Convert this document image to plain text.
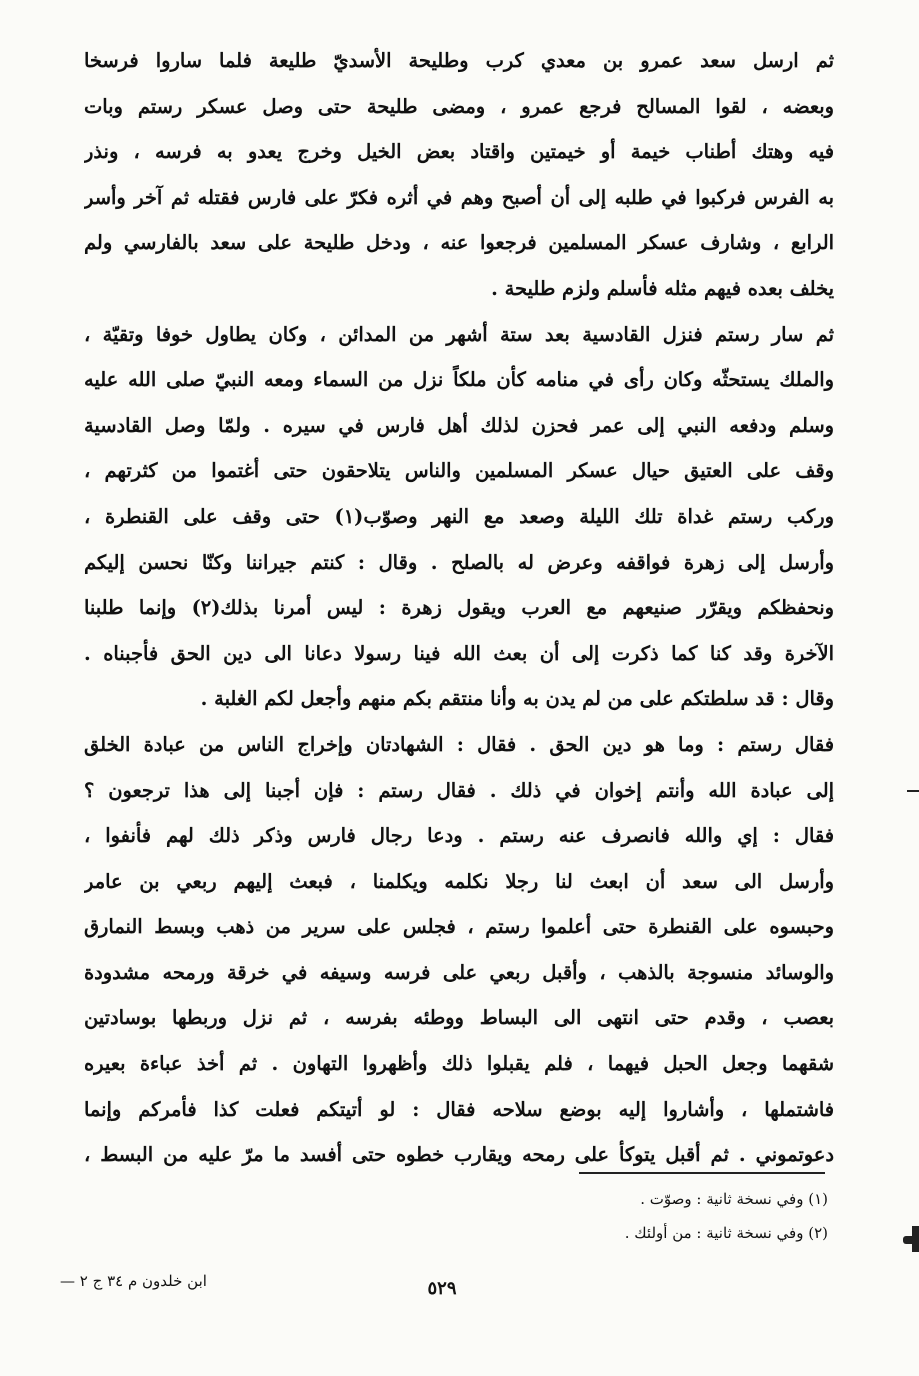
ثم ارسل سعد عمرو بن معدي كرب وطليحة الأسديّ طليعة فلما ساروا فرسخا
وبعضه ، لقوا المسالح فرجع عمرو ، ومضى طليحة حتى وصل عسكر رستم وبات
فيه وهتك أطناب خيمة أو خيمتين واقتاد بعض الخيل وخرج يعدو به فرسه ، ونذر
به الفرس فركبوا في طلبه إلى أن أصبح وهم في أثره فكرّ على فارس فقتله ثم آخر وأسر
الرابع ، وشارف عسكر المسلمين فرجعوا عنه ، ودخل طليحة على سعد بالفارسي ولم
يخلف بعده فيهم مثله فأسلم ولزم طليحة .
ثم سار رستم فنزل القادسية بعد ستة أشهر من المدائن ، وكان يطاول خوفا وتقيّة ،
والملك يستحثّه وكان رأى في منامه كأن ملكاً نزل من السماء ومعه النبيّ صلى الله عليه
وسلم ودفعه النبي إلى عمر فحزن لذلك أهل فارس في سيره . ولمّا وصل القادسية
وقف على العتيق حيال عسكر المسلمين والناس يتلاحقون حتى أغتموا من كثرتهم ،
وركب رستم غداة تلك الليلة وصعد مع النهر وصوّب(١) حتى وقف على القنطرة ،
وأرسل إلى زهرة فواقفه وعرض له بالصلح . وقال : كنتم جيراننا وكنّا نحسن إليكم
ونحفظكم ويقرّر صنيعهم مع العرب ويقول زهرة : ليس أمرنا بذلك(٢) وإنما طلبنا
الآخرة وقد كنا كما ذكرت إلى أن بعث الله فينا رسولا دعانا الى دين الحق فأجبناه .
وقال : قد سلطتكم على من لم يدن به وأنا منتقم بكم منهم وأجعل لكم الغلبة .
فقال رستم : وما هو دين الحق . فقال : الشهادتان وإخراج الناس من عبادة الخلق
إلى عبادة الله وأنتم إخوان في ذلك . فقال رستم : فإن أجبنا إلى هذا ترجعون ؟
فقال : إي والله فانصرف عنه رستم . ودعا رجال فارس وذكر ذلك لهم فأنفوا ،
وأرسل الى سعد أن ابعث لنا رجلا نكلمه ويكلمنا ، فبعث إليهم ربعي بن عامر
وحبسوه على القنطرة حتى أعلموا رستم ، فجلس على سرير من ذهب وبسط النمارق
والوسائد منسوجة بالذهب ، وأقبل ربعي على فرسه وسيفه في خرقة ورمحه مشدودة
بعصب ، وقدم حتى انتهى الى البساط ووطئه بفرسه ، ثم نزل وربطها بوسادتين
شقهما وجعل الحبل فيهما ، فلم يقبلوا ذلك وأظهروا التهاون . ثم أخذ عباءة بعيره
فاشتملها ، وأشاروا إليه بوضع سلاحه فقال : لو أتيتكم فعلت كذا فأمركم وإنما
دعوتموني . ثم أقبل يتوكأ على رمحه ويقارب خطوه حتى أفسد ما مرّ عليه من البسط ،
(١) وفي نسخة ثانية : وصوّت .
(٢) وفي نسخة ثانية : من أولئك .
٥٢٩
ابن خلدون م ٣٤ ج ٢ —
